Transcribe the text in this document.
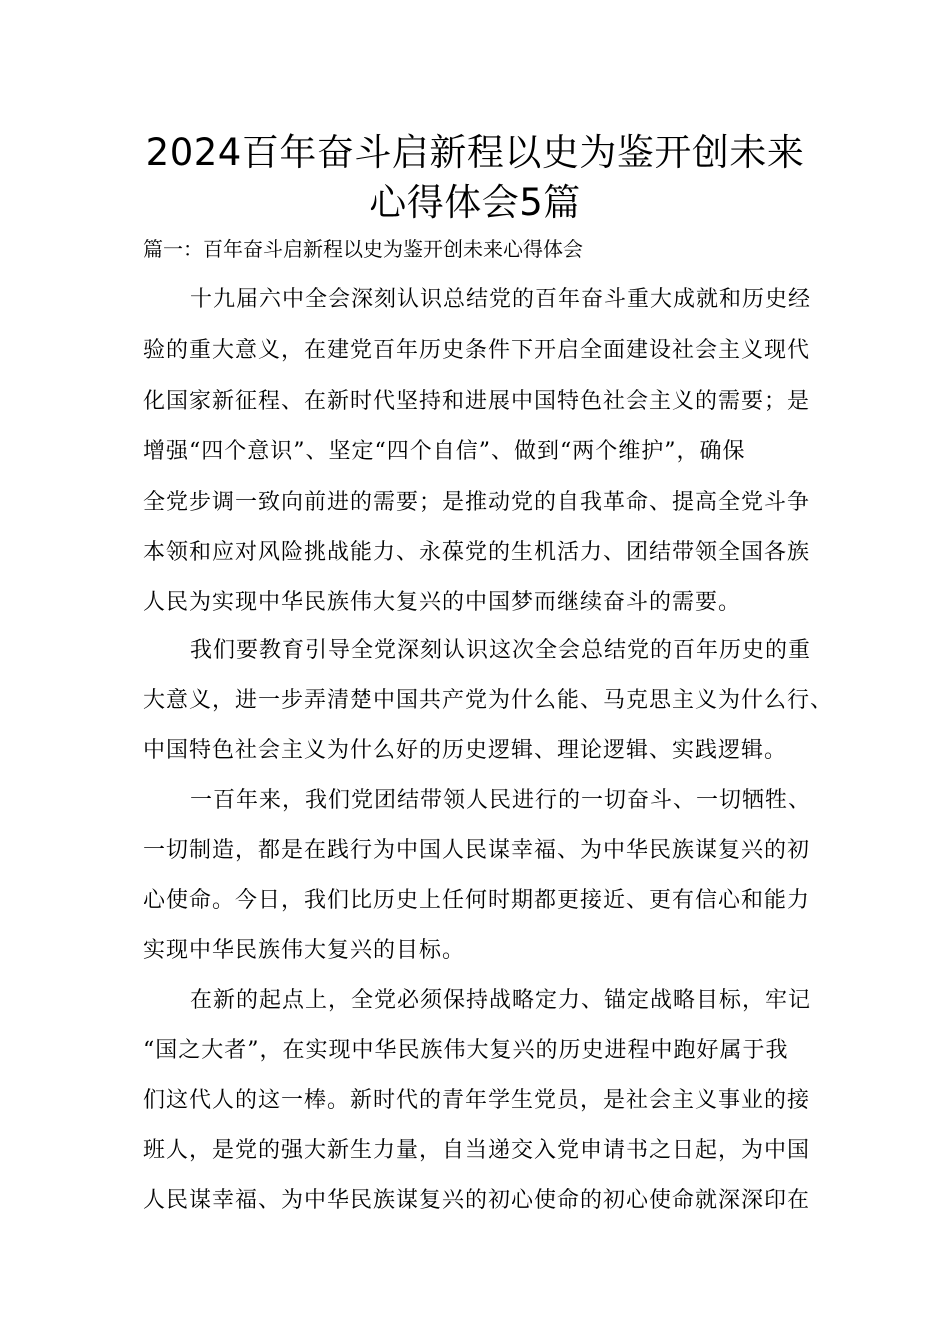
2024百年奋斗启新程以史为鉴开创未来
心得体会5篇
篇一：百年奋斗启新程以史为鉴开创未来心得体会
十九届六中全会深刻认识总结党的百年奋斗重大成就和历史经
验的重大意义，在建党百年历史条件下开启全面建设社会主义现代
化国家新征程、在新时代坚持和进展中国特色社会主义的需要；是
增强“四个意识”、坚定“四个自信”、做到“两个维护”，确保
全党步调一致向前进的需要；是推动党的自我革命、提高全党斗争
本领和应对风险挑战能力、永葆党的生机活力、团结带领全国各族
人民为实现中华民族伟大复兴的中国梦而继续奋斗的需要。
我们要教育引导全党深刻认识这次全会总结党的百年历史的重
大意义，进一步弄清楚中国共产党为什么能、马克思主义为什么行、
中国特色社会主义为什么好的历史逻辑、理论逻辑、实践逻辑。
一百年来，我们党团结带领人民进行的一切奋斗、一切牺牲、
一切制造，都是在践行为中国人民谋幸福、为中华民族谋复兴的初
心使命。今日，我们比历史上任何时期都更接近、更有信心和能力
实现中华民族伟大复兴的目标。
在新的起点上，全党必须保持战略定力、锚定战略目标，牢记
“国之大者”，在实现中华民族伟大复兴的历史进程中跑好属于我
们这代人的这一棒。新时代的青年学生党员，是社会主义事业的接
班人，是党的强大新生力量，自当递交入党申请书之日起，为中国
人民谋幸福、为中华民族谋复兴的初心使命的初心使命就深深印在
